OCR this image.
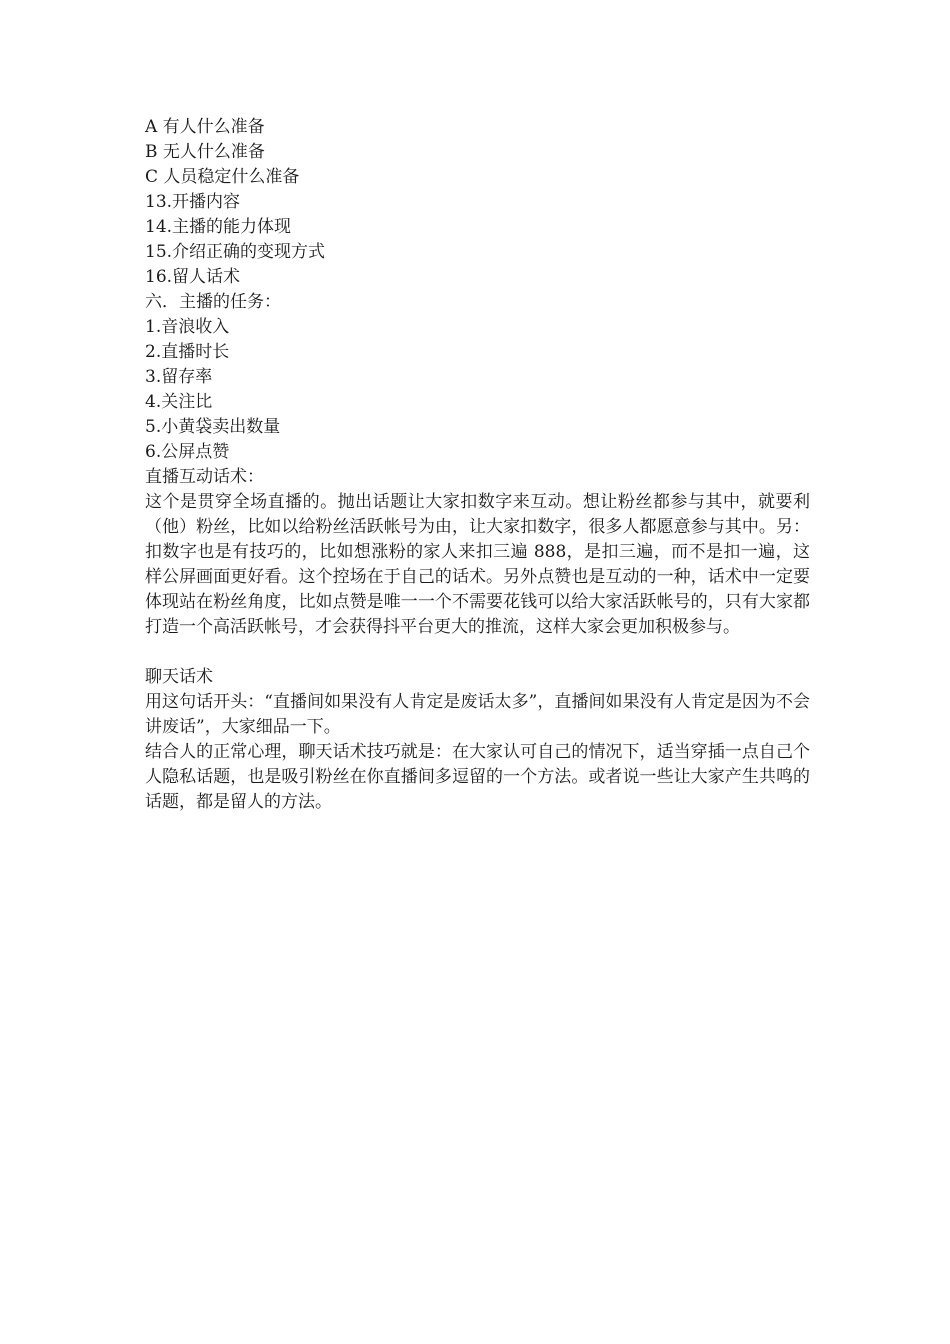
A 有人什么准备
B 无人什么准备
C 人员稳定什么准备
13.开播内容
14.主播的能力体现
15.介绍正确的变现方式
16.留人话术
六．主播的任务：
1.音浪收入
2.直播时长
3.留存率
4.关注比
5.小黄袋卖出数量
6.公屏点赞
直播互动话术：
这个是贯穿全场直播的。抛出话题让大家扣数字来互动。想让粉丝都参与其中，就要利（他）粉丝，比如以给粉丝活跃帐号为由，让大家扣数字，很多人都愿意参与其中。另：扣数字也是有技巧的，比如想涨粉的家人来扣三遍 888，是扣三遍，而不是扣一遍，这样公屏画面更好看。这个控场在于自己的话术。另外点赞也是互动的一种，话术中一定要体现站在粉丝角度，比如点赞是唯一一个不需要花钱可以给大家活跃帐号的，只有大家都打造一个高活跃帐号，才会获得抖平台更大的推流，这样大家会更加积极参与。
聊天话术
用这句话开头：“直播间如果没有人肯定是废话太多”，直播间如果没有人肯定是因为不会讲废话”，大家细品一下。
结合人的正常心理，聊天话术技巧就是：在大家认可自己的情况下，适当穿插一点自己个人隐私话题，也是吸引粉丝在你直播间多逗留的一个方法。或者说一些让大家产生共鸣的话题，都是留人的方法。
